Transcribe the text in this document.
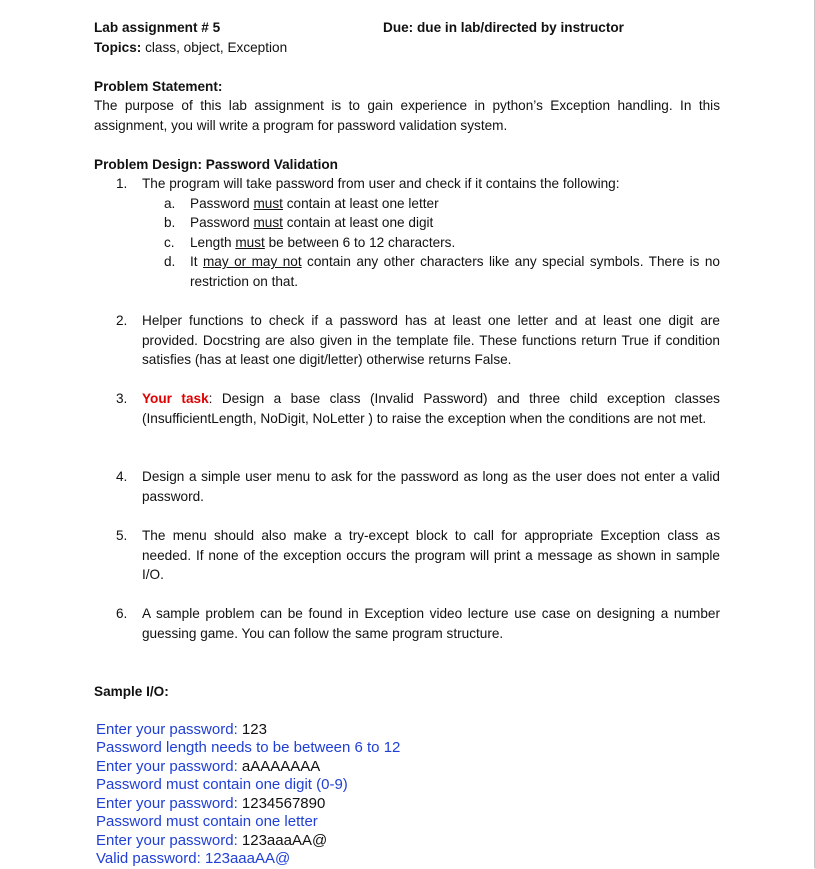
Lab assignment # 5	Due: due in lab/directed by instructor
Topics: class, object, Exception
Problem Statement:

The purpose of this lab assignment is to gain experience in python’s Exception handling. In this assignment, you will write a program for password validation system.

Problem Design: Password Validation
1. The program will take password from user and check if it contains the following:
a. Password must contain at least one letter
b. Password must contain at least one digit
c. Length must be between 6 to 12 characters.
d. It may or may not contain any other characters like any special symbols. There is no restriction on that.
2. Helper functions to check if a password has at least one letter and at least one digit are provided. Docstring are also given in the template file. These functions return True if condition satisfies (has at least one digit/letter) otherwise returns False.
3. Your task: Design a base class (Invalid Password) and three child exception classes (InsufficientLength, NoDigit, NoLetter ) to raise the exception when the conditions are not met.
4. Design a simple user menu to ask for the password as long as the user does not enter a valid password.
5. The menu should also make a try-except block to call for appropriate Exception class as needed. If none of the exception occurs the program will print a message as shown in sample I/O.
6. A sample problem can be found in Exception video lecture use case on designing a number guessing game. You can follow the same program structure.
Sample I/O:
Enter your password: 123
Password length needs to be between 6 to 12
Enter your password: aAAAAAAA
Password must contain one digit (0-9)
Enter your password: 1234567890
Password must contain one letter
Enter your password: 123aaaAA@
Valid password: 123aaaAA@
